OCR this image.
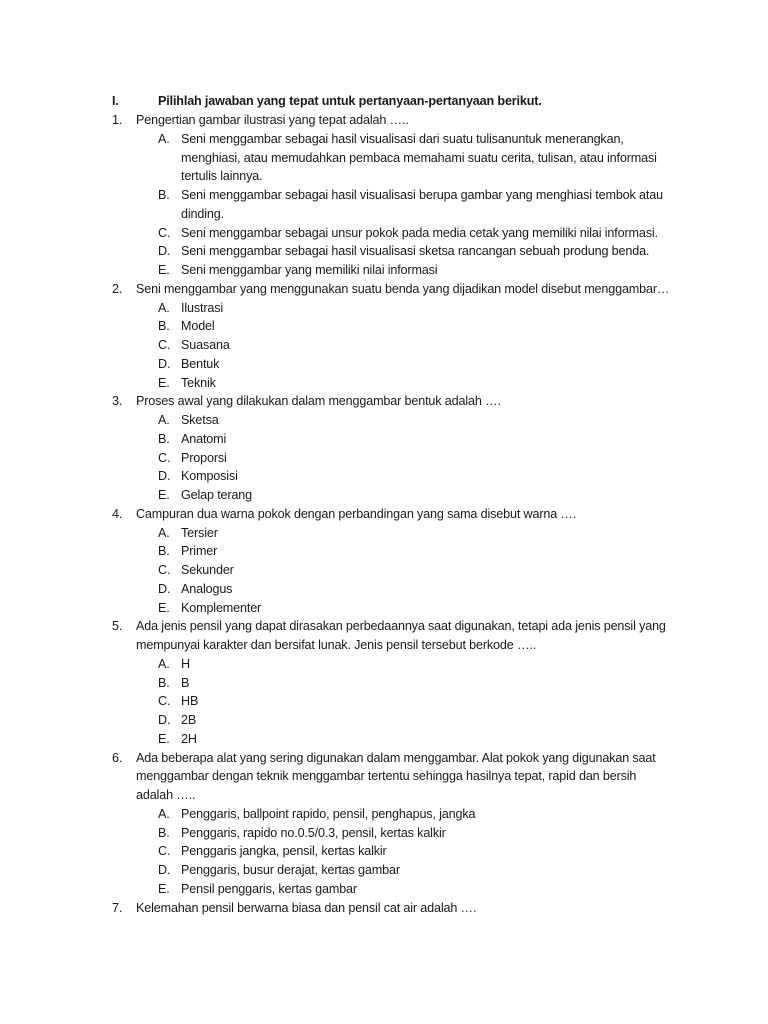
I.	Pilihlah jawaban yang tepat untuk pertanyaan-pertanyaan berikut.
1. Pengertian gambar ilustrasi yang tepat adalah …..
A. Seni menggambar sebagai hasil visualisasi dari suatu tulisanuntuk menerangkan,
menghiasi, atau memudahkan pembaca memahami suatu cerita, tulisan, atau informasi
tertulis lainnya.
B. Seni menggambar sebagai hasil visualisasi berupa gambar yang menghiasi tembok atau
dinding.
C. Seni menggambar sebagai unsur pokok pada media cetak yang memiliki nilai informasi.
D. Seni menggambar sebagai hasil visualisasi sketsa rancangan sebuah produng benda.
E. Seni menggambar yang memiliki nilai informasi
2. Seni menggambar yang menggunakan suatu benda yang dijadikan model disebut menggambar…
A. Ilustrasi
B. Model
C. Suasana
D. Bentuk
E. Teknik
3. Proses awal yang dilakukan dalam menggambar bentuk adalah ….
A. Sketsa
B. Anatomi
C. Proporsi
D. Komposisi
E. Gelap terang
4. Campuran dua warna pokok dengan perbandingan yang sama disebut warna ….
A. Tersier
B. Primer
C. Sekunder
D. Analogus
E. Komplementer
5. Ada jenis pensil yang dapat dirasakan perbedaannya saat digunakan, tetapi ada jenis pensil yang
mempunyai karakter dan bersifat lunak. Jenis pensil tersebut berkode …..
A. H
B. B
C. HB
D. 2B
E. 2H
6. Ada beberapa alat yang sering digunakan dalam menggambar. Alat pokok yang digunakan saat
menggambar dengan teknik menggambar tertentu sehingga hasilnya tepat, rapid dan bersih
adalah …..
A. Penggaris, ballpoint rapido, pensil, penghapus, jangka
B. Penggaris, rapido no.0.5/0.3, pensil, kertas kalkir
C. Penggaris jangka, pensil, kertas kalkir
D. Penggaris, busur derajat, kertas gambar
E. Pensil penggaris, kertas gambar
7. Kelemahan pensil berwarna biasa dan pensil cat air adalah ….
